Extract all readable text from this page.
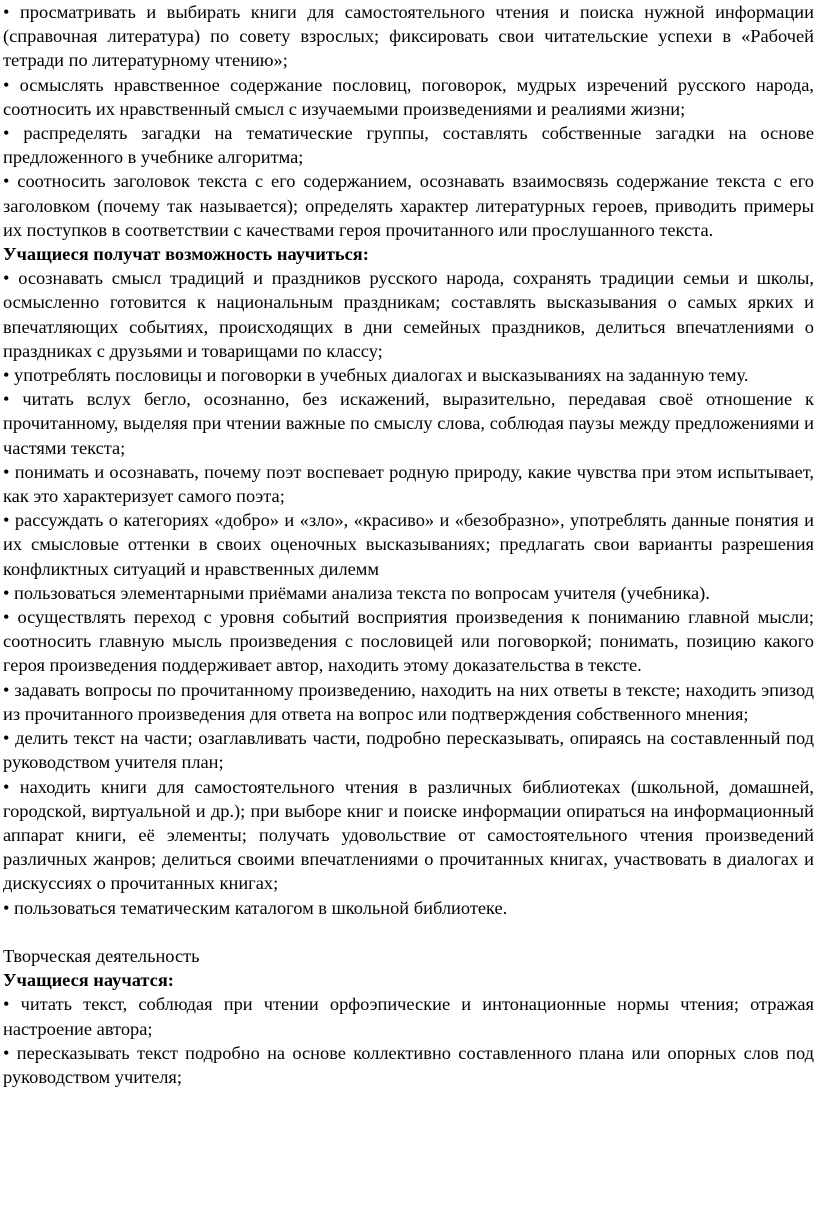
• просматривать и выбирать книги для самостоятельного чтения и поиска нужной информации (справочная литература) по совету взрослых; фиксировать свои читательские успехи в «Рабочей тетради по литературному чтению»;

• осмыслять нравственное содержание пословиц, поговорок, мудрых изречений русского народа, соотносить их нравственный смысл с изучаемыми произведениями и реалиями жизни;

• распределять загадки на тематические группы, составлять собственные загадки на основе предложенного в учебнике алгоритма;

• соотносить заголовок текста с его содержанием, осознавать взаимосвязь содержание текста с его заголовком (почему так называется); определять характер литературных героев, приводить примеры их поступков в соответствии с качествами героя прочитанного или прослушанного текста.

Учащиеся получат возможность научиться:

• осознавать смысл традиций и праздников русского народа, сохранять традиции семьи и школы, осмысленно готовится к национальным праздникам; составлять высказывания о самых ярких и впечатляющих событиях, происходящих в дни семейных праздников, делиться впечатлениями о праздниках с друзьями и товарищами по классу;

• употреблять пословицы и поговорки в учебных диалогах и высказываниях на заданную тему.

• читать вслух бегло, осознанно, без искажений, выразительно, передавая своё отношение к прочитанному, выделяя при чтении важные по смыслу слова, соблюдая паузы между предложениями и частями текста;

• понимать и осознавать, почему поэт воспевает родную природу, какие чувства при этом испытывает, как это характеризует самого поэта;

• рассуждать о категориях «добро» и «зло», «красиво» и «безобразно», употреблять данные понятия и их смысловые оттенки в своих оценочных высказываниях; предлагать свои варианты разрешения конфликтных ситуаций и нравственных дилемм

• пользоваться элементарными приёмами анализа текста по вопросам учителя (учебника).

• осуществлять переход с уровня событий восприятия произведения к пониманию главной мысли; соотносить главную мысль произведения с пословицей или поговоркой; понимать, позицию какого героя произведения поддерживает автор, находить этому доказательства в тексте.

• задавать вопросы по прочитанному произведению, находить на них ответы в тексте; находить эпизод из прочитанного произведения для ответа на вопрос или подтверждения собственного мнения;

• делить текст на части; озаглавливать части, подробно пересказывать, опираясь на составленный под руководством учителя план;

• находить книги для самостоятельного чтения в различных библиотеках (школьной, домашней, городской, виртуальной и др.); при выборе книг и поиске информации опираться на информационный аппарат книги, её элементы; получать удовольствие от самостоятельного чтения произведений различных жанров; делиться своими впечатлениями о прочитанных книгах, участвовать в диалогах и дискуссиях о прочитанных книгах;

• пользоваться тематическим каталогом в школьной библиотеке.

Творческая деятельность

Учащиеся научатся:

• читать текст, соблюдая при чтении орфоэпические и интонационные нормы чтения; отражая настроение автора;

• пересказывать текст подробно на основе коллективно составленного плана или опорных слов под руководством учителя;
